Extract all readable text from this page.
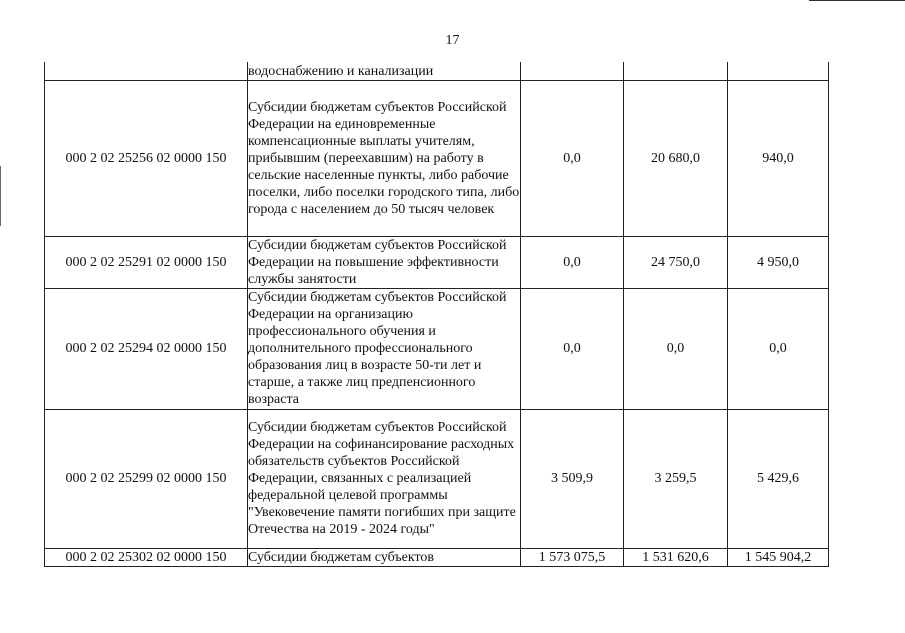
17
	водоснабжению и канализации			
000 2 02 25256 02 0000 150	Субсидии бюджетам субъектов Российской Федерации на единовременные компенсационные выплаты учителям, прибывшим (переехавшим) на работу в сельские населенные пункты, либо рабочие поселки, либо поселки городского типа, либо города с населением до 50 тысяч человек	0,0	20 680,0	940,0
000 2 02 25291 02 0000 150	Субсидии бюджетам субъектов Российской Федерации на повышение эффективности службы занятости	0,0	24 750,0	4 950,0
000 2 02 25294 02 0000 150	Субсидии бюджетам субъектов Российской Федерации на организацию профессионального обучения и дополнительного профессионального образования лиц в возрасте 50-ти лет и старше, а также лиц предпенсионного возраста	0,0	0,0	0,0
000 2 02 25299 02 0000 150	Субсидии бюджетам субъектов Российской Федерации на софинансирование расходных обязательств субъектов Российской Федерации, связанных с реализацией федеральной целевой программы "Увековечение памяти погибших при защите Отечества на 2019 - 2024 годы"	3 509,9	3 259,5	5 429,6
000 2 02 25302 02 0000 150	Субсидии бюджетам субъектов	1 573 075,5	1 531 620,6	1 545 904,2
